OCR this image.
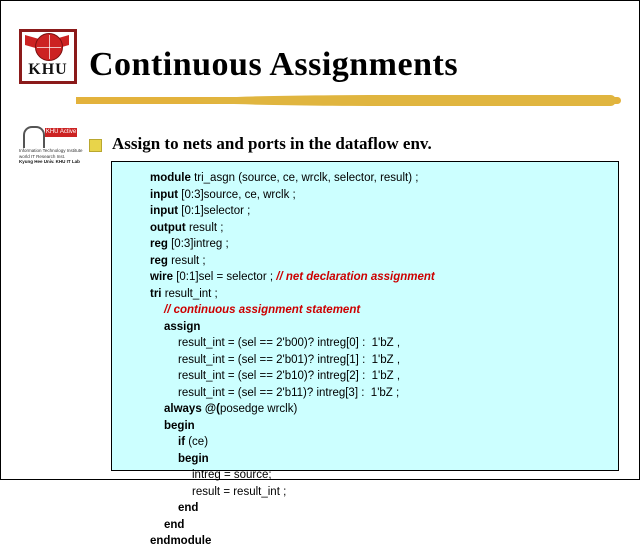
KHU Continuous Assignments
KHU Active
Information Technology Institute
world IT Research Inst.
Kyung Hee Univ. KHU IT Lab
Assign to nets and ports in the dataflow env.
module tri_asgn (source, ce, wrclk, selector, result) ;
input [0:3]source, ce, wrclk ;
input [0:1]selector ;
output result ;
reg [0:3]intreg ;
reg result ;
wire [0:1]sel = selector ; // net declaration assignment
tri result_int ;
// continuous assignment statement
assign
result_int = (sel == 2'b00)? intreg[0] :  1'bZ ,
result_int = (sel == 2'b01)? intreg[1] :  1'bZ ,
result_int = (sel == 2'b10)? intreg[2] :  1'bZ ,
result_int = (sel == 2'b11)? intreg[3] :  1'bZ ;
always @(posedge wrclk)
begin
if (ce)
begin
intreg = source;
result = result_int ;
end
end
endmodule
